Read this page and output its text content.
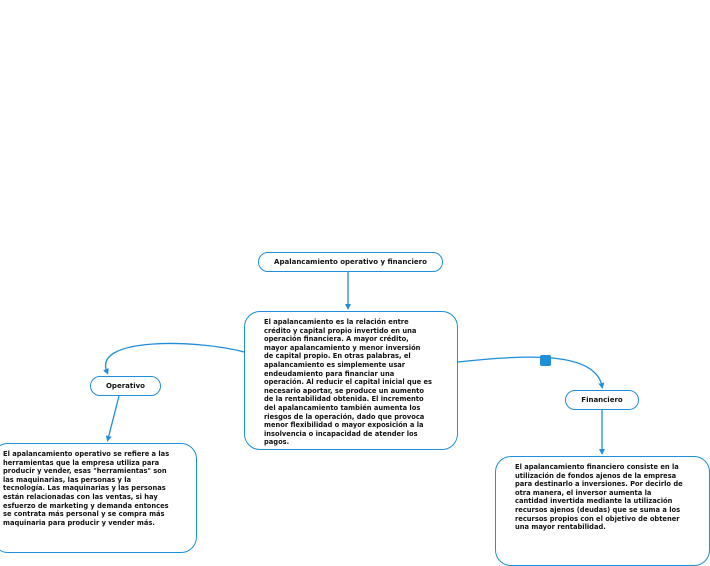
Apalancamiento operativo y financiero
El apalancamiento es la relación entre
crédito y capital propio invertido en una
operación financiera. A mayor crédito,
mayor apalancamiento y menor inversión
de capital propio. En otras palabras, el
apalancamiento es simplemente usar
endeudamiento para financiar una
operación. Al reducir el capital inicial que es
necesario aportar, se produce un aumento
de la rentabilidad obtenida. El incremento
del apalancamiento también aumenta los
riesgos de la operación, dado que provoca
menor flexibilidad o mayor exposición a la
insolvencia o incapacidad de atender los
pagos.
Operativo
Financiero
El apalancamiento operativo se refiere a las
herramientas que la empresa utiliza para
producir y vender, esas "herramientas" son
las maquinarias, las personas y la
tecnología. Las maquinarias y las personas
están relacionadas con las ventas, si hay
esfuerzo de marketing y demanda entonces
se contrata más personal y se compra más
maquinaria para producir y vender más.
El apalancamiento financiero consiste en la
utilización de fondos ajenos de la empresa
para destinarlo a inversiones. Por decirlo de
otra manera, el inversor aumenta la
cantidad invertida mediante la utilización
recursos ajenos (deudas) que se suma a los
recursos propios con el objetivo de obtener
una mayor rentabilidad.
